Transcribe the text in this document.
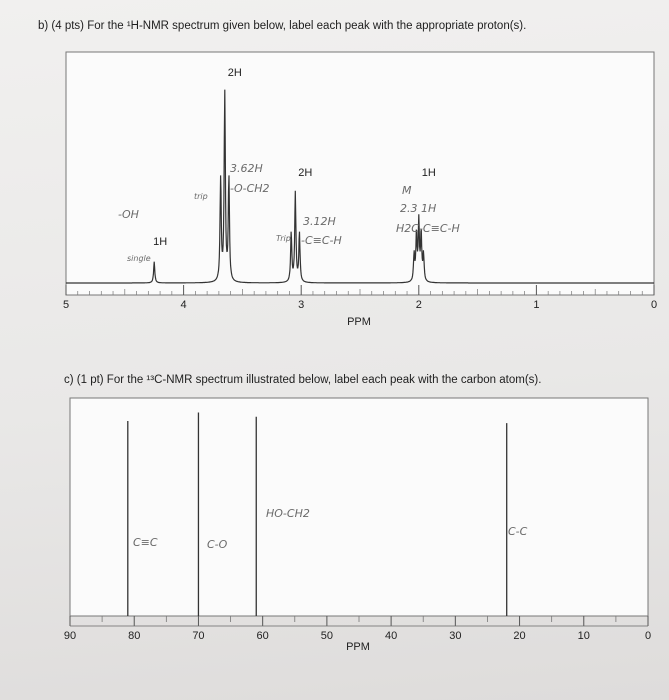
b) (4 pts) For the ¹H-NMR spectrum given below, label each peak with the appropriate proton(s).
c) (1 pt) For the ¹³C-NMR spectrum illustrated below, label each peak with the carbon atom(s).
5	4	3	2	1	0
1H
2H
2H	1H
PPM
90	80	70	60	50	40	30	20	10	0
PPM
-OH
single
trip
3.62H
-O-CH2
Trip
3.12H
-C≡C-H
M
2.3 1H
H2C-C≡C-H
C≡C	C-O
HO-CH2
C-C
